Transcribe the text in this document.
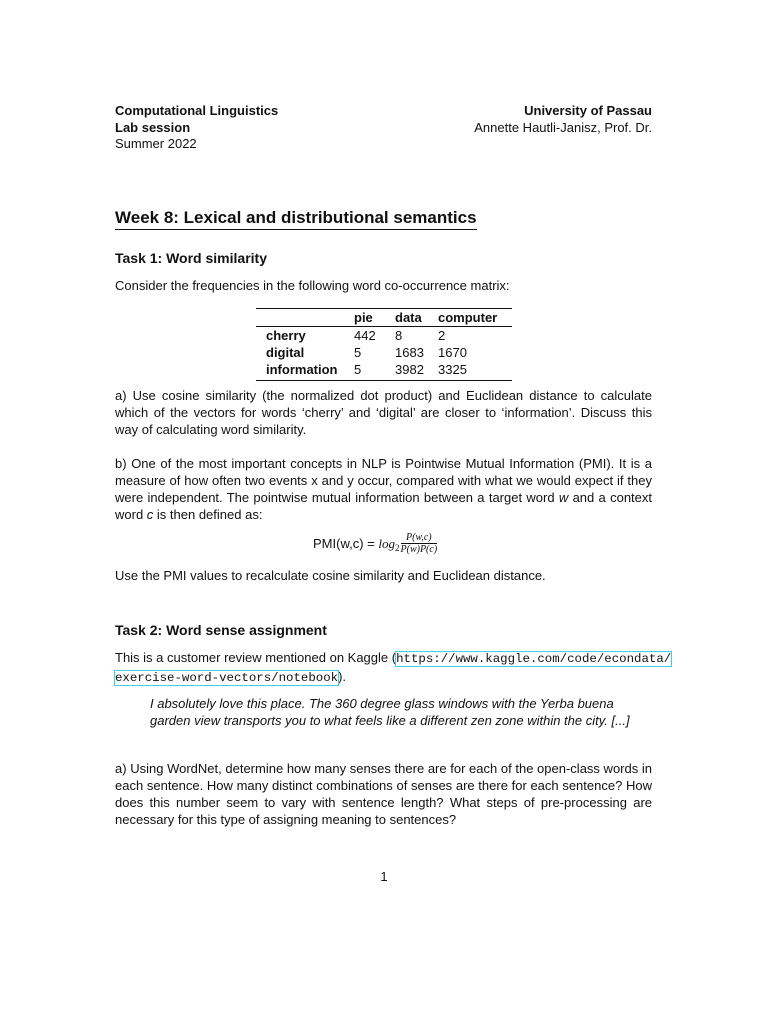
Computational Linguistics
Lab session
Summer 2022
University of Passau
Annette Hautli-Janisz, Prof. Dr.
Week 8: Lexical and distributional semantics
Task 1: Word similarity
Consider the frequencies in the following word co-occurrence matrix:
	pie	data	computer
cherry	442	8	2
digital	5	1683	1670
information	5	3982	3325
a) Use cosine similarity (the normalized dot product) and Euclidean distance to calculate which of the vectors for words ‘cherry’ and ‘digital’ are closer to ‘information’. Discuss this way of calculating word similarity.
b) One of the most important concepts in NLP is Pointwise Mutual Information (PMI). It is a measure of how often two events x and y occur, compared with what we would expect if they were independent. The pointwise mutual information between a target word w and a context word c is then defined as:
PMI(w,c) = log 2
P(w,c)
P(w)P(c)
Use the PMI values to recalculate cosine similarity and Euclidean distance.
Task 2: Word sense assignment
This is a customer review mentioned on Kaggle (https://www.kaggle.com/code/econdata/
exercise-word-vectors/notebook).
I absolutely love this place. The 360 degree glass windows with the Yerba buena garden view transports you to what feels like a different zen zone within the city. [...]
a) Using WordNet, determine how many senses there are for each of the open-class words in each sentence. How many distinct combinations of senses are there for each sentence? How does this number seem to vary with sentence length? What steps of pre-processing are necessary for this type of assigning meaning to sentences?
1
